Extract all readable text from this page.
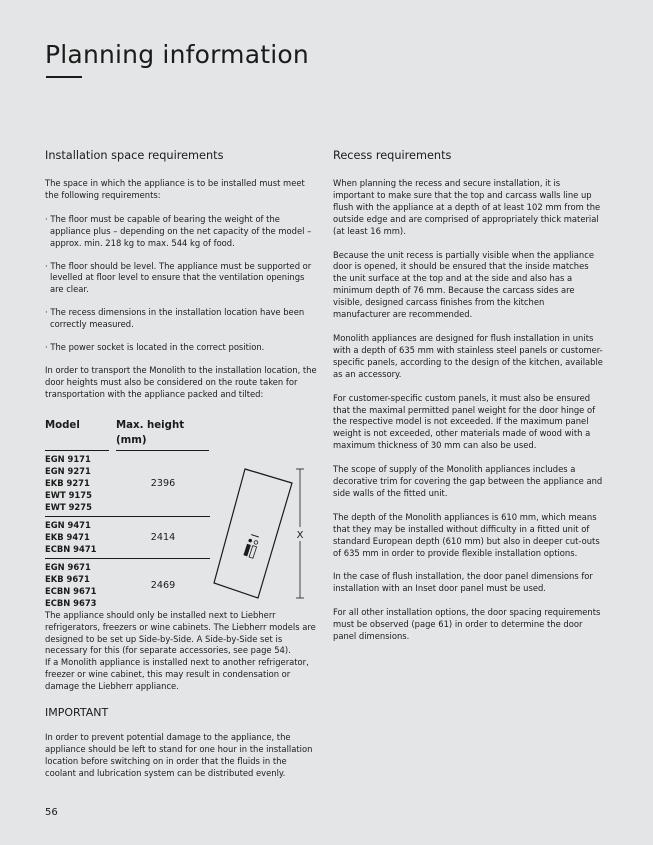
Planning information
Installation space requirements

The space in which the appliance is to be installed must meet the following requirements:

· The floor must be capable of bearing the weight of the appliance plus – depending on the net capacity of the model – approx. min. 218 kg to max. 544 kg of food.

· The floor should be level. The appliance must be supported or levelled at floor level to ensure that the ventilation openings are clear.

· The recess dimensions in the installation location have been correctly measured.

· The power socket is located in the correct position.

In order to transport the Monolith to the installation location, the door heights must also be considered on the route taken for transportation with the appliance packed and tilted:

Model	Max. height (mm)
EGN 9171
EGN 9271
EKB 9271
EWT 9175
EWT 9275
2396
EGN 9471
EKB 9471
ECBN 9471
2414
EGN 9671
EKB 9671
ECBN 9671
ECBN 9673
2469
X
The appliance should only be installed next to Liebherr refrigerators, freezers or wine cabinets. The Liebherr models are designed to be set up Side-by-Side. A Side-by-Side set is necessary for this (for separate accessories, see page 54).
If a Monolith appliance is installed next to another refrigerator, freezer or wine cabinet, this may result in condensation or damage the Liebherr appliance.
IMPORTANT
In order to prevent potential damage to the appliance, the appliance should be left to stand for one hour in the installation location before switching on in order that the fluids in the coolant and lubrication system can be distributed evenly.
Recess requirements

When planning the recess and secure installation, it is important to make sure that the top and carcass walls line up flush with the appliance at a depth of at least 102 mm from the outside edge and are comprised of appropriately thick material (at least 16 mm).

Because the unit recess is partially visible when the appliance door is opened, it should be ensured that the inside matches the unit surface at the top and at the side and also has a minimum depth of 76 mm. Because the carcass sides are visible, designed carcass finishes from the kitchen manufacturer are recommended.

Monolith appliances are designed for flush installation in units with a depth of 635 mm with stainless steel panels or customer-specific panels, according to the design of the kitchen, available as an accessory.

For customer-specific custom panels, it must also be ensured that the maximal permitted panel weight for the door hinge of the respective model is not exceeded. If the maximum panel weight is not exceeded, other materials made of wood with a maximum thickness of 30 mm can also be used.

The scope of supply of the Monolith appliances includes a decorative trim for covering the gap between the appliance and side walls of the fitted unit.

The depth of the Monolith appliances is 610 mm, which means that they may be installed without difficulty in a fitted unit of standard European depth (610 mm) but also in deeper cut-outs of 635 mm in order to provide flexible installation options.

In the case of flush installation, the door panel dimensions for installation with an Inset door panel must be used.

For all other installation options, the door spacing requirements must be observed (page 61) in order to determine the door panel dimensions.

56
